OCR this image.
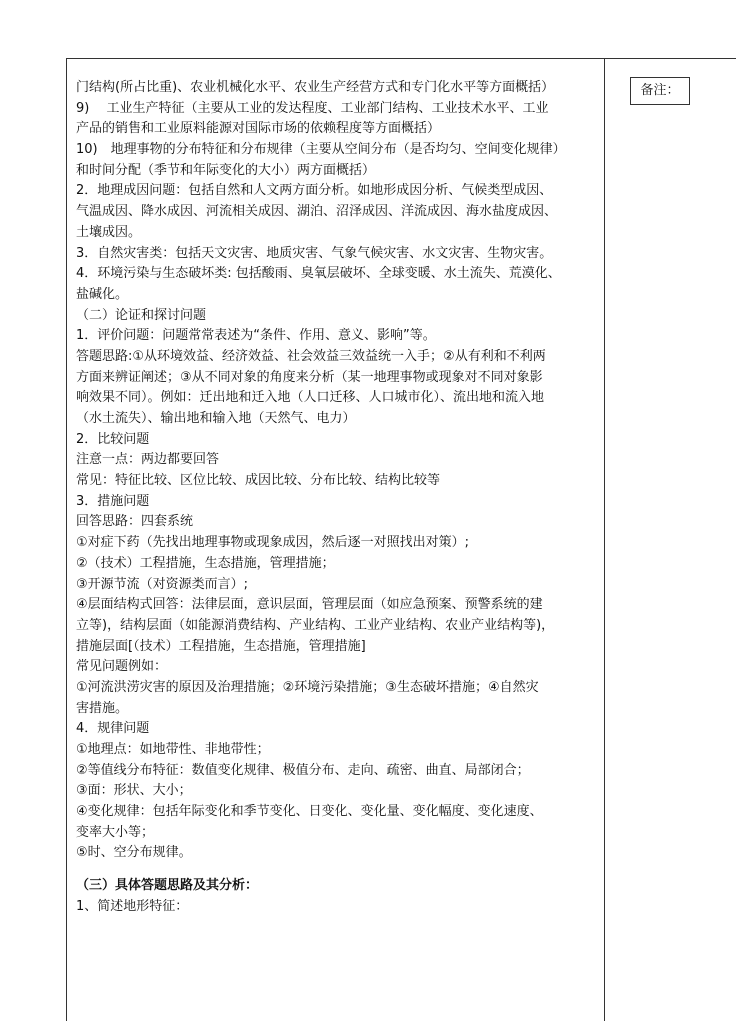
备注：
门结构(所占比重)、农业机械化水平、农业生产经营方式和专门化水平等方面概括）
9)　 工业生产特征（主要从工业的发达程度、工业部门结构、工业技术水平、工业
产品的销售和工业原料能源对国际市场的依赖程度等方面概括）
10)　地理事物的分布特征和分布规律（主要从空间分布（是否均匀、空间变化规律）
和时间分配（季节和年际变化的大小）两方面概括）
2．地理成因问题：包括自然和人文两方面分析。如地形成因分析、气候类型成因、
气温成因、降水成因、河流相关成因、湖泊、沼泽成因、洋流成因、海水盐度成因、
土壤成因。
3．自然灾害类：包括天文灾害、地质灾害、气象气候灾害、水文灾害、生物灾害。
4．环境污染与生态破坏类: 包括酸雨、臭氧层破坏、全球变暖、水土流失、荒漠化、
盐碱化。
（二）论证和探讨问题
1．评价问题：问题常常表述为“条件、作用、意义、影响”等。
答题思路:①从环境效益、经济效益、社会效益三效益统一入手；②从有利和不利两
方面来辨证阐述；③从不同对象的角度来分析（某一地理事物或现象对不同对象影
响效果不同）。例如：迁出地和迁入地（人口迁移、人口城市化）、流出地和流入地
（水土流失）、输出地和输入地（天然气、电力）
2．比较问题
注意一点：两边都要回答
常见：特征比较、区位比较、成因比较、分布比较、结构比较等
3．措施问题
回答思路：四套系统
①对症下药（先找出地理事物或现象成因，然后逐一对照找出对策）;
②（技术）工程措施，生态措施，管理措施；
③开源节流（对资源类而言）;
④层面结构式回答：法律层面，意识层面，管理层面（如应急预案、预警系统的建
立等)，结构层面（如能源消费结构、产业结构、工业产业结构、农业产业结构等)，
措施层面[（技术）工程措施，生态措施，管理措施]
常见问题例如：
①河流洪涝灾害的原因及治理措施；②环境污染措施；③生态破坏措施；④自然灾
害措施。
4．规律问题
①地理点：如地带性、非地带性；
②等值线分布特征：数值变化规律、极值分布、走向、疏密、曲直、局部闭合；
③面：形状、大小；
④变化规律：包括年际变化和季节变化、日变化、变化量、变化幅度、变化速度、
变率大小等；
⑤时、空分布规律。
（三）具体答题思路及其分析：
1、简述地形特征：
